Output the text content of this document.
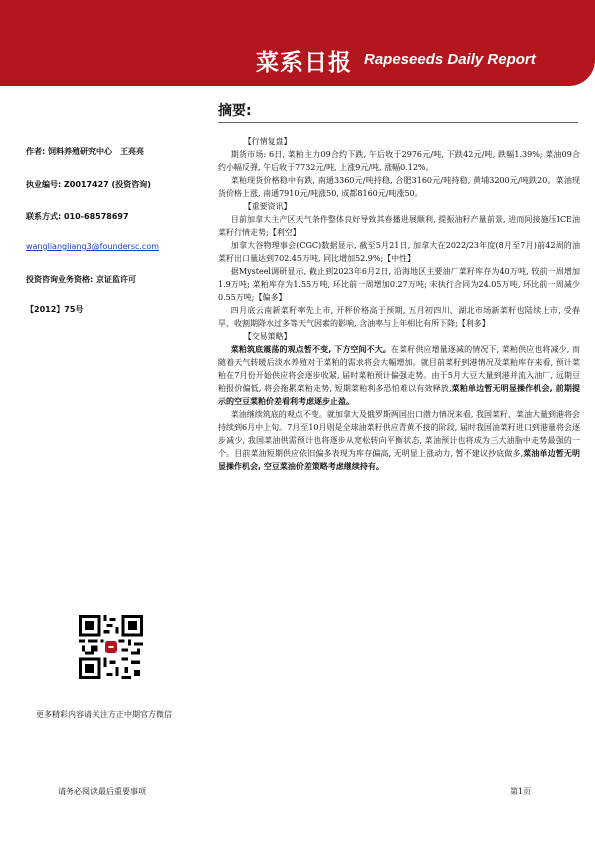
菜系日报 Rapeseeds Daily Report
摘要:
作者: 饲料养殖研究中心　王亮亮
执业编号: Z0017427 (投资咨询)
联系方式: 010-68578697
wangliangliang3@foundersc.com
投资咨询业务资格: 京证监许可
【2012】75号

【行情复盘】

期货市场: 6日, 菜粕主力09合约下跌, 午后收于2976元/吨, 下跌42元/吨, 跌幅1.39%; 菜油09合约小幅反弹, 午后收于7732元/吨, 上涨9元/吨, 涨幅0.12%。

菜粕现货价格稳中有跌, 南通3360元/吨持稳, 合肥3160元/吨持稳, 黄埔3200元/吨跌20。菜油现货价格上涨, 南通7910元/吨涨50, 成都8160元/吨涨50。

【重要资讯】

目前加拿大主产区天气条件整体良好导致其春播进展顺利, 提振油籽产量前景, 进而间接施压ICE油菜籽行情走势;【利空】

加拿大谷物理事会(CGC)数据显示, 截至5月21日, 加拿大在2022/23年度(8月至7月)前42周的油菜籽出口量达到702.45万吨, 同比增加52.9%;【中性】

据Mysteel调研显示, 截止到2023年6月2日, 沿海地区主要油厂菜籽库存为40万吨, 较前一周增加1.9万吨; 菜粕库存为1.55万吨, 环比前一周增加0.27万吨; 未执行合同为24.05万吨, 环比前一周减少0.55万吨;【偏多】

四月底云南新菜籽率先上市, 开秤价格高于预期, 五月初四川、湖北市场新菜籽也陆续上市, 受春旱、收割期降水过多等天气因素的影响, 含油率与上年相比有所下降;【利多】

【交易策略】

菜粕筑底震荡的观点暂不变, 下方空间不大。在菜籽供应增量逐减的情况下, 菜粕供应也将减少, 而随着天气转暖后淡水养殖对于菜粕的需求将会大幅增加。就目前菜籽到港情况及菜粕库存来看, 预计菜粕在7月份开始供应将会逐步收紧, 届时菜粕预计偏强走势。由于5月大豆大量到港并流入油厂, 远期豆粕报价偏低, 将会拖累菜粕走势, 短期菜粕利多恐怕难以有效释放,菜粕单边暂无明显操作机会, 前期提示的空豆菜粕价差看利考虑逐步止盈。

菜油继续筑底的观点不变。就加拿大及俄罗斯两国出口潜力情况来看, 我国菜籽、菜油大量到港将会持续到6月中上旬。7月至10月则是全球油菜籽供应青黄不接的阶段, 届时我国油菜籽进口到港量将会逐步减少, 我国菜油供需预计也将逐步从宽松转向平衡状态, 菜油预计也将成为三大油脂中走势最强的一个。目前菜油短期供应依旧偏多表现为库存偏高, 无明显上涨动力, 暂不建议抄底做多,菜油单边暂无明显操作机会, 空豆菜油价差策略考虑继续持有。

更多精彩内容请关注方正中期官方微信
请务必阅读最后重要事项	第1页
